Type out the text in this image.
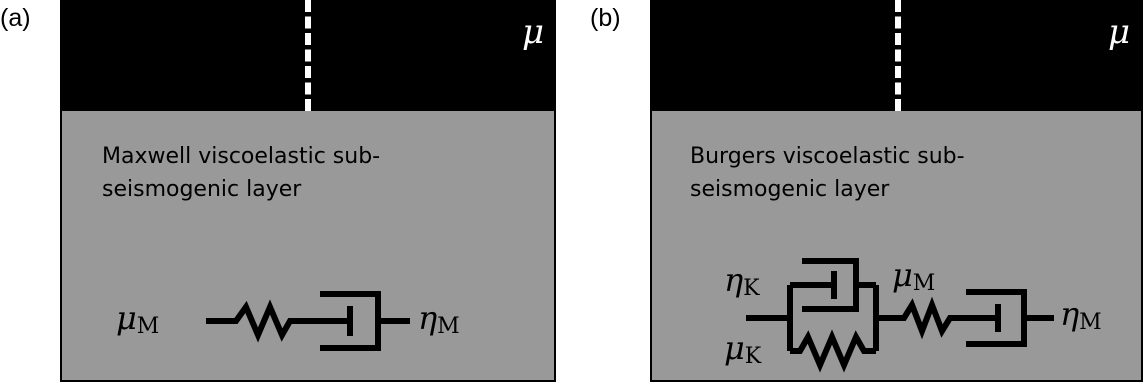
(a)	(b)
μ
Maxwell viscoelastic sub-
seismogenic layer
μM	ηM
μ
Burgers viscoelastic sub-
seismogenic layer
ηK
μK
μM
ηM
